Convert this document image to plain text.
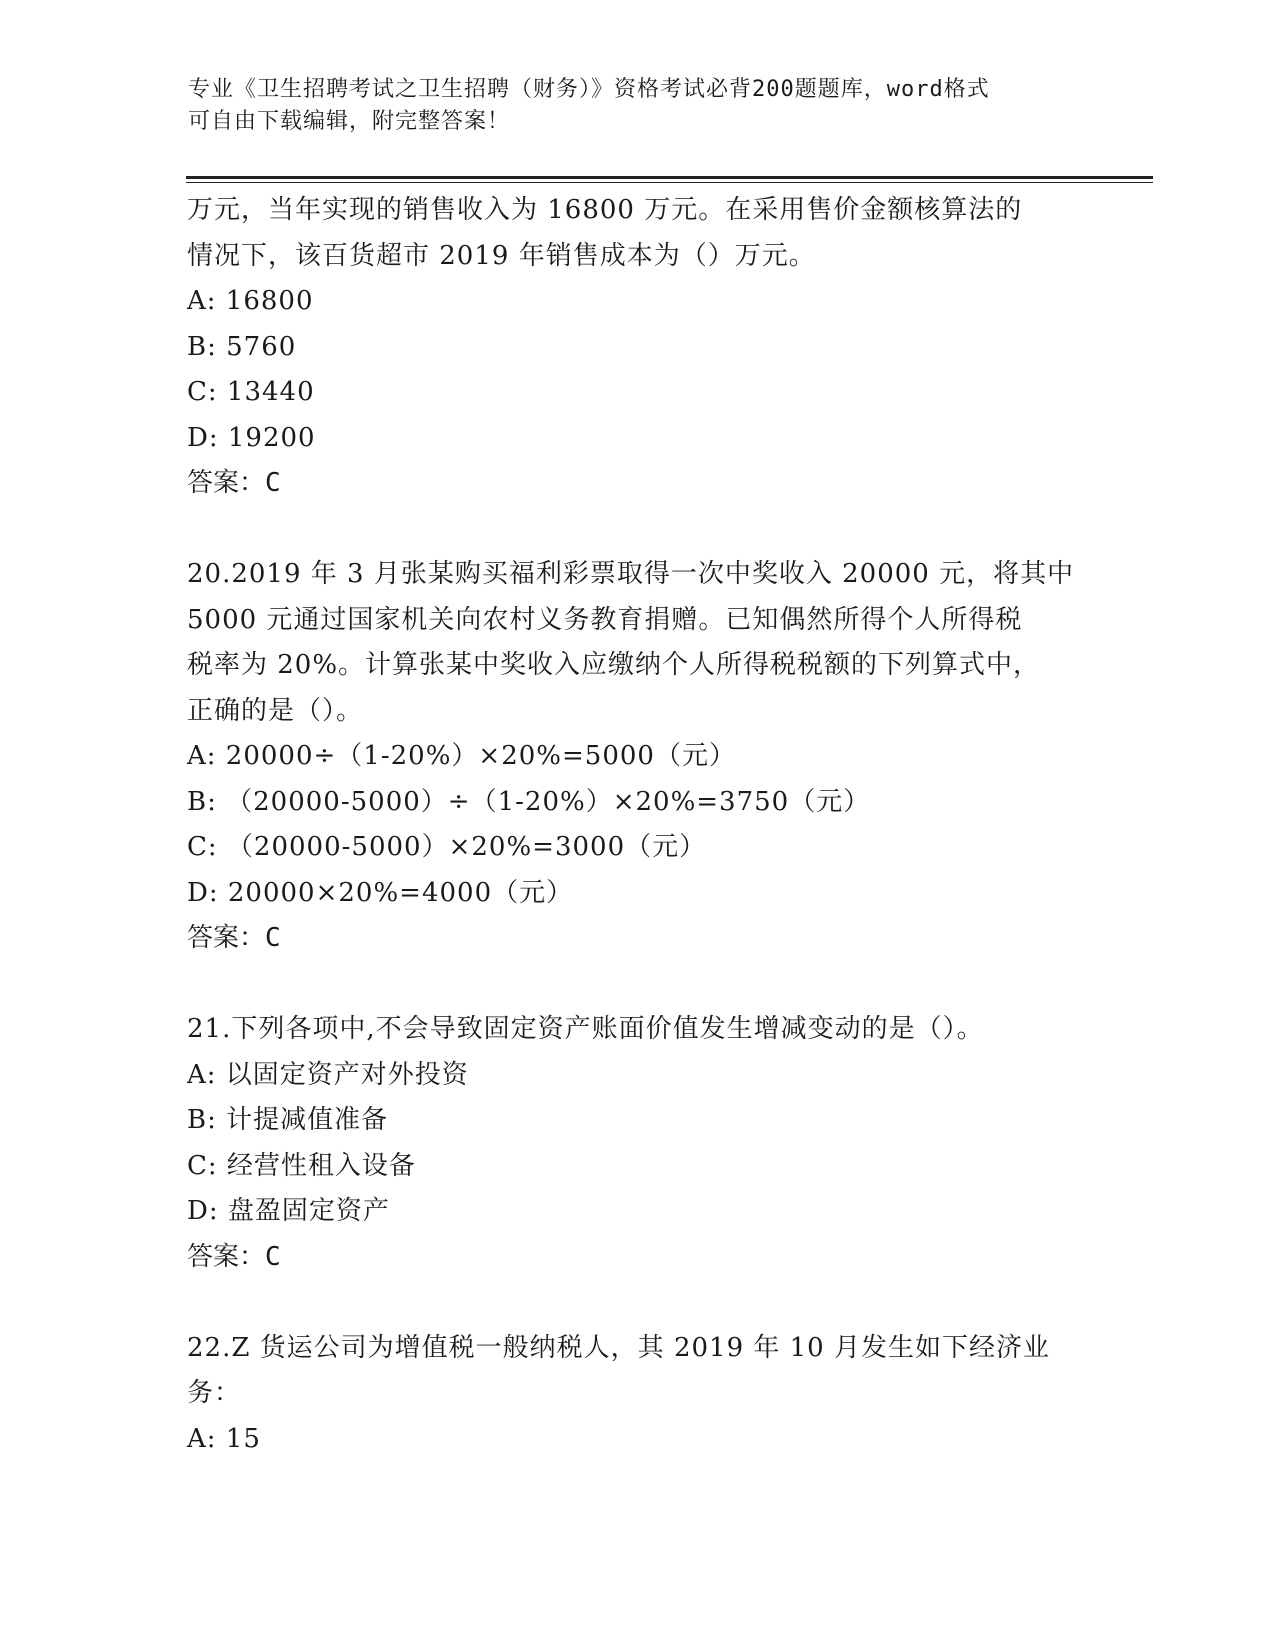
专业《卫生招聘考试之卫生招聘（财务）》资格考试必背200题题库，word格式
可自由下载编辑，附完整答案！
万元，当年实现的销售收入为 16800 万元。在采用售价金额核算法的
情况下，该百货超市 2019 年销售成本为（）万元。
A: 16800
B: 5760
C: 13440
D: 19200
答案：C
20.2019 年 3 月张某购买福利彩票取得一次中奖收入 20000 元，将其中
5000 元通过国家机关向农村义务教育捐赠。已知偶然所得个人所得税
税率为 20%。计算张某中奖收入应缴纳个人所得税税额的下列算式中，
正确的是（）。
A: 20000÷（1-20%）×20%=5000（元）
B: （20000-5000）÷（1-20%）×20%=3750（元）
C: （20000-5000）×20%=3000（元）
D: 20000×20%=4000（元）
答案：C
21.下列各项中,不会导致固定资产账面价值发生增减变动的是（）。
A: 以固定资产对外投资
B: 计提减值准备
C: 经营性租入设备
D: 盘盈固定资产
答案：C
22.Z 货运公司为增值税一般纳税人，其 2019 年 10 月发生如下经济业
务：
A: 15
